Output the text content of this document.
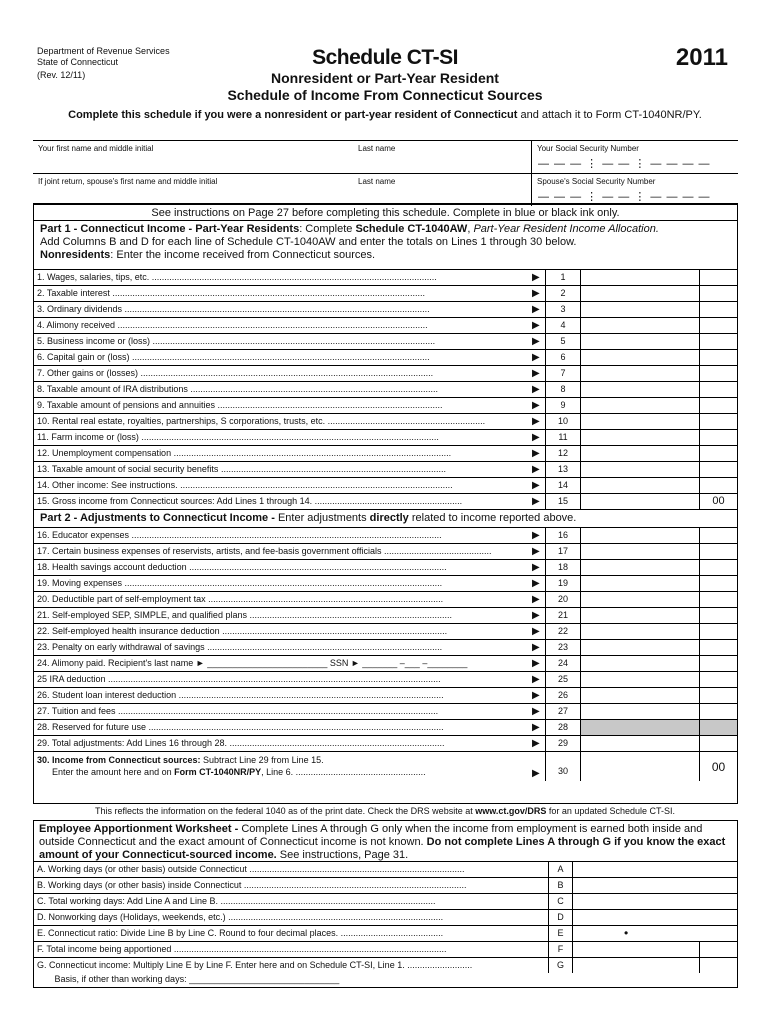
Department of Revenue Services
State of Connecticut
(Rev. 12/11)
Schedule CT-SI	2011
Nonresident or Part-Year Resident
Schedule of Income From Connecticut Sources
Complete this schedule if you were a nonresident or part-year resident of Connecticut and attach it to Form CT-1040NR/PY.
Your first name and middle initial	Last name	Your Social Security Number
— — — ⋮ — — ⋮ — — — —
If joint return, spouse's first name and middle initial	Last name	Spouse's Social Security Number
— — — ⋮ — — ⋮ — — — —
See instructions on Page 27 before completing this schedule. Complete in blue or black ink only.
Part 1 - Connecticut Income - Part-Year Residents: Complete Schedule CT-1040AW, Part-Year Resident Income Allocation.
Add Columns B and D for each line of Schedule CT-1040AW and enter the totals on Lines 1 through 30 below.
Nonresidents: Enter the income received from Connecticut sources.
1. Wages, salaries, tips, etc. ..................................................................................................................	▶	1
2. Taxable interest .............................................................................................................................	▶	2
3. Ordinary dividends ..........................................................................................................................	▶	3
4. Alimony received ............................................................................................................................	▶	4
5. Business income or (loss) .................................................................................................................	▶	5
6. Capital gain or (loss) .......................................................................................................................	▶	6
7. Other gains or (losses) .....................................................................................................................	▶	7
8. Taxable amount of IRA distributions ...................................................................................................	▶	8
9. Taxable amount of pensions and annuities ..........................................................................................	▶	9
10. Rental real estate, royalties, partnerships, S corporations, trusts, etc. ...............................................................	▶	10
11. Farm income or (loss) .......................................................................................................................	▶	11
12. Unemployment compensation ...............................................................................................................	▶	12
13. Taxable amount of social security benefits ..........................................................................................	▶	13
14. Other income: See instructions. .............................................................................................................	▶	14
15. Gross income from Connecticut sources: Add Lines 1 through 14. ...........................................................	▶	15	00
Part 2 - Adjustments to Connecticut Income - Enter adjustments directly related to income reported above.
16. Educator expenses ............................................................................................................................	▶	16
17. Certain business expenses of reservists, artists, and fee-basis government officials ...........................................	▶	17
18. Health savings account deduction .......................................................................................................	▶	18
19. Moving expenses ...............................................................................................................................	▶	19
20. Deductible part of self-employment tax ..............................................................................................	▶	20
21. Self-employed SEP, SIMPLE, and qualified plans .................................................................................	▶	21
22. Self-employed health insurance deduction ..........................................................................................	▶	22
23. Penalty on early withdrawal of savings ..............................................................................................	▶	23
24. Alimony paid. Recipient's last name ► ________________________ SSN ► _______ –___ –________	▶	24
25 IRA deduction .....................................................................................................................................	▶	25
26. Student loan interest deduction ..........................................................................................................	▶	26
27. Tuition and fees ................................................................................................................................	▶	27
28. Reserved for future use ......................................................................................................................	▶	28
29. Total adjustments: Add Lines 16 through 28. ......................................................................................	▶	29
30. Income from Connecticut sources: Subtract Line 29 from Line 15.
Enter the amount here and on Form CT-1040NR/PY, Line 6. ....................................................	▶	30	00
This reflects the information on the federal 1040 as of the print date. Check the DRS website at www.ct.gov/DRS for an updated Schedule CT-SI.
Employee Apportionment Worksheet - Complete Lines A through G only when the income from employment is earned both inside and outside Connecticut and the exact amount of Connecticut income is not known. Do not complete Lines A through G if you know the exact amount of your Connecticut-sourced income. See instructions, Page 31.
A. Working days (or other basis) outside Connecticut ......................................................................................	A
B. Working days (or other basis) inside Connecticut .........................................................................................	B
C. Total working days: Add Line A and Line B. ......................................................................................	C
D. Nonworking days (Holidays, weekends, etc.) ......................................................................................	D
E. Connecticut ratio: Divide Line B by Line C. Round to four decimal places. .........................................	E	•
F. Total income being apportioned .............................................................................................................	F
G. Connecticut income: Multiply Line E by Line F. Enter here and on Schedule CT-SI, Line 1. ..........................	G
Basis, if other than working days: ______________________________
